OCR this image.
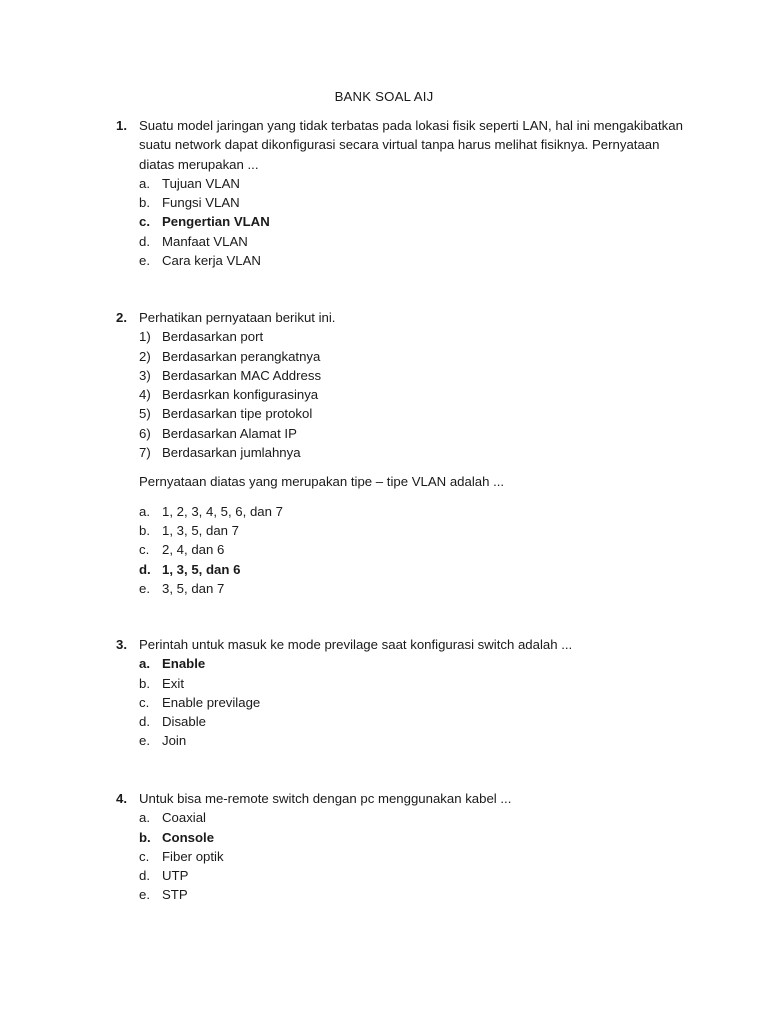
BANK SOAL AIJ
1. Suatu model jaringan yang tidak terbatas pada lokasi fisik seperti LAN, hal ini mengakibatkan suatu network dapat dikonfigurasi secara virtual tanpa harus melihat fisiknya. Pernyataan diatas merupakan ...
a. Tujuan VLAN
b. Fungsi VLAN
c. Pengertian VLAN
d. Manfaat VLAN
e. Cara kerja VLAN
2. Perhatikan pernyataan berikut ini.
1) Berdasarkan port
2) Berdasarkan perangkatnya
3) Berdasarkan MAC Address
4) Berdasrkan konfigurasinya
5) Berdasarkan tipe protokol
6) Berdasarkan Alamat IP
7) Berdasarkan jumlahnya
Pernyataan diatas yang merupakan tipe – tipe VLAN adalah ...
a. 1, 2, 3, 4, 5, 6, dan 7
b. 1, 3, 5, dan 7
c. 2, 4, dan 6
d. 1, 3, 5, dan 6
e. 3, 5, dan 7
3. Perintah untuk masuk ke mode previlage saat konfigurasi switch adalah ...
a. Enable
b. Exit
c. Enable previlage
d. Disable
e. Join
4. Untuk bisa me-remote switch dengan pc menggunakan kabel ...
a. Coaxial
b. Console
c. Fiber optik
d. UTP
e. STP
